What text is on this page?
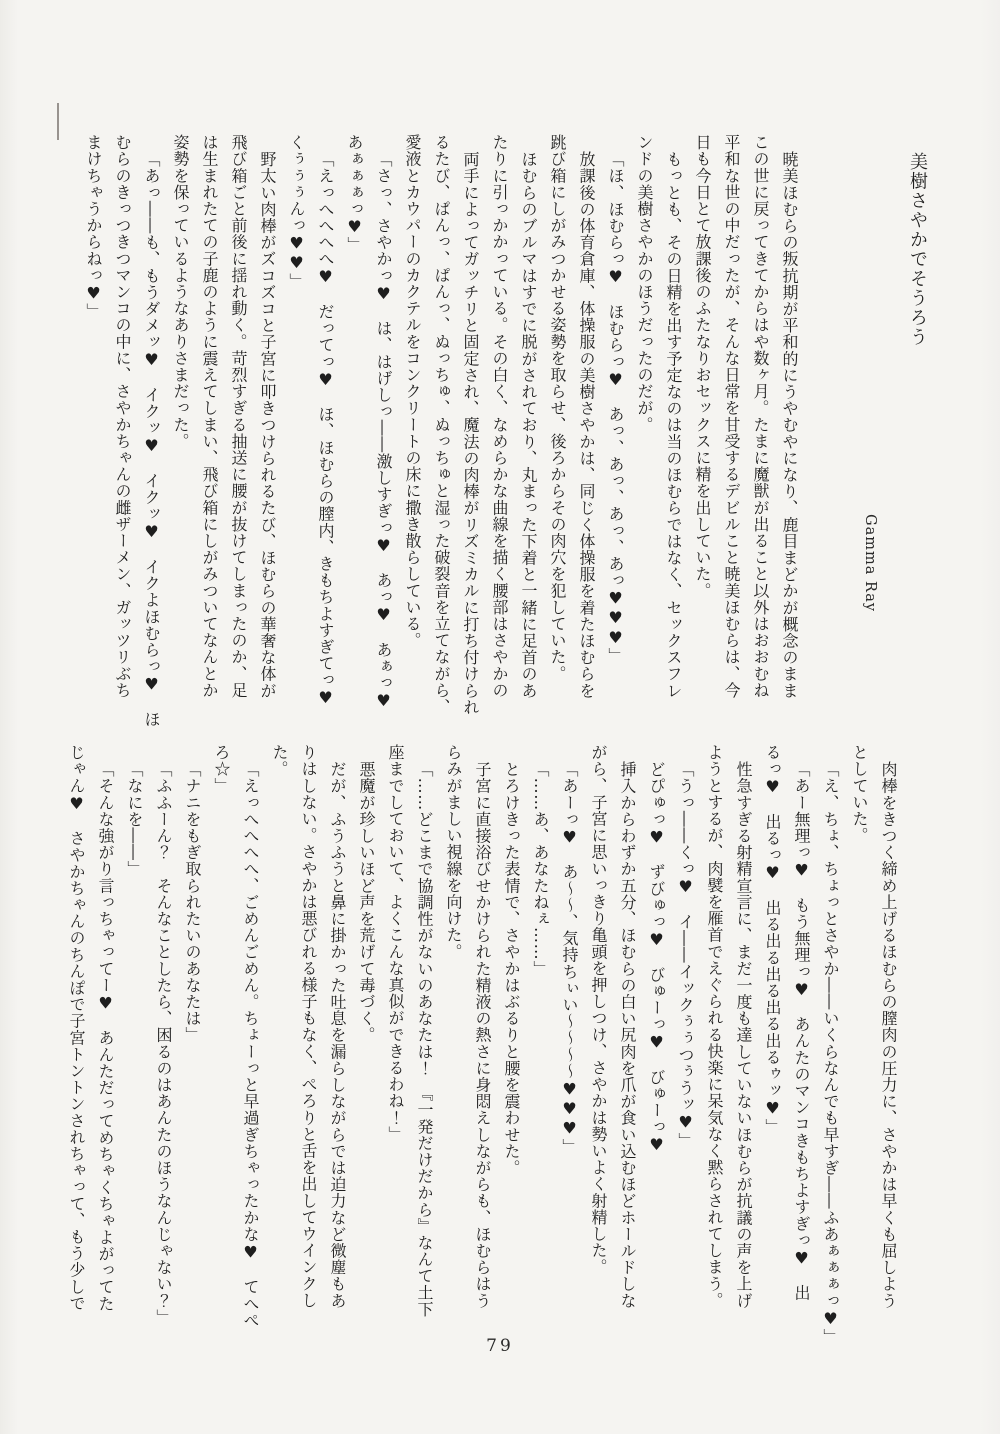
美樹さやかでそうろう
Gamma Ray

暁美ほむらの叛抗期が平和的にうやむやになり、鹿目まどかが概念のまま

この世に戻ってきてからはや数ヶ月。たまに魔獣が出ること以外はおおむね

平和な世の中だったが、そんな日常を甘受するデビルこと暁美ほむらは、今

日も今日とて放課後のふたなりおセックスに精を出していた。

もっとも、その日精を出す予定なのは当のほむらではなく、セックスフレ

ンドの美樹さやかのほうだったのだが。

「ほ、ほむらっ♥　ほむらっ♥　あっ、あっ、あっ、あっ♥♥♥」

放課後の体育倉庫、体操服の美樹さやかは、同じく体操服を着たほむらを

跳び箱にしがみつかせる姿勢を取らせ、後ろからその肉穴を犯していた。

ほむらのブルマはすでに脱がされており、丸まった下着と一緒に足首のあ

たりに引っかかっている。その白く、なめらかな曲線を描く腰部はさやかの

両手によってガッチリと固定され、魔法の肉棒がリズミカルに打ち付けられ

るたび、ぱんっ、ぱんっ、ぬっちゅ、ぬっちゅと湿った破裂音を立てながら、

愛液とカウパーのカクテルをコンクリートの床に撒き散らしている。

「さっ、さやかっ♥　は、はげしっ――激しすぎっ♥　あっ♥　あぁっ♥

あぁぁぁっ♥」

「えっへへへへ♥　だってっ♥　ほ、ほむらの膣内、きもちよすぎてっ♥

くぅぅぅんっ♥♥」

野太い肉棒がズコズコと子宮に叩きつけられるたび、ほむらの華奢な体が

飛び箱ごと前後に揺れ動く。苛烈すぎる抽送に腰が抜けてしまったのか、足

は生まれたての子鹿のように震えてしまい、飛び箱にしがみついてなんとか

姿勢を保っているようなありさまだった。

「あっ――も、もうダメッ♥　イクッ♥　イクッ♥　イクよほむらっ♥　ほ

むらのきっつきつマンコの中に、さやかちゃんの雌ザーメン、ガッツリぶち

まけちゃうからねっ♥」

肉棒をきつく締め上げるほむらの膣肉の圧力に、さやかは早くも屈しよう

としていた。

「え、ちょ、ちょっとさやか――いくらなんでも早すぎ――ふあぁぁぁっ♥」

「あー無理っ♥　もう無理っ♥　あんたのマンコきもちよすぎっ♥　出

るっ♥　出るっ♥　出る出る出る出る出るゥッ♥」

性急すぎる射精宣言に、まだ一度も達していないほむらが抗議の声を上げ

ようとするが、肉襞を雁首でえぐられる快楽に呆気なく黙らされてしまう。

「うっ――くっ♥　イ――イックぅぅつぅうッ♥」

どぴゅっ♥　ずびゅっ♥　びゅーっ♥　びゅーっ♥

挿入からわずか五分、ほむらの白い尻肉を爪が食い込むほどホールドしな

がら、子宮に思いっきり亀頭を押しつけ、さやかは勢いよく射精した。

「あーっ♥　あ〜〜、気持ちぃい〜〜〜〜♥♥♥」

「……あ、あなたねぇ……」

とろけきった表情で、さやかはぶるりと腰を震わせた。

子宮に直接浴びせかけられた精液の熱さに身悶えしながらも、ほむらはう

らみがましい視線を向けた。

「……どこまで協調性がないのあなたは！　『一発だけだから』なんて土下

座までしておいて、よくこんな真似ができるわね！」

悪魔が珍しいほど声を荒げて毒づく。

だが、ふうふうと鼻に掛かった吐息を漏らしながらでは迫力など微塵もあ

りはしない。さやかは悪びれる様子もなく、ぺろりと舌を出してウインクし

た。

「えっへへへへ、ごめんごめん。ちょーっと早過ぎちゃったかな♥　てへぺ

ろ☆」

「ナニをもぎ取られたいのあなたは」

「ふふーん？　そんなことしたら、困るのはあんたのほうなんじゃない？」

「なにを――」

「そんな強がり言っちゃってー♥　あんただってめちゃくちゃよがってた

じゃん♥　さやかちゃんのちんぽで子宮トントンされちゃって、もう少しで

79
